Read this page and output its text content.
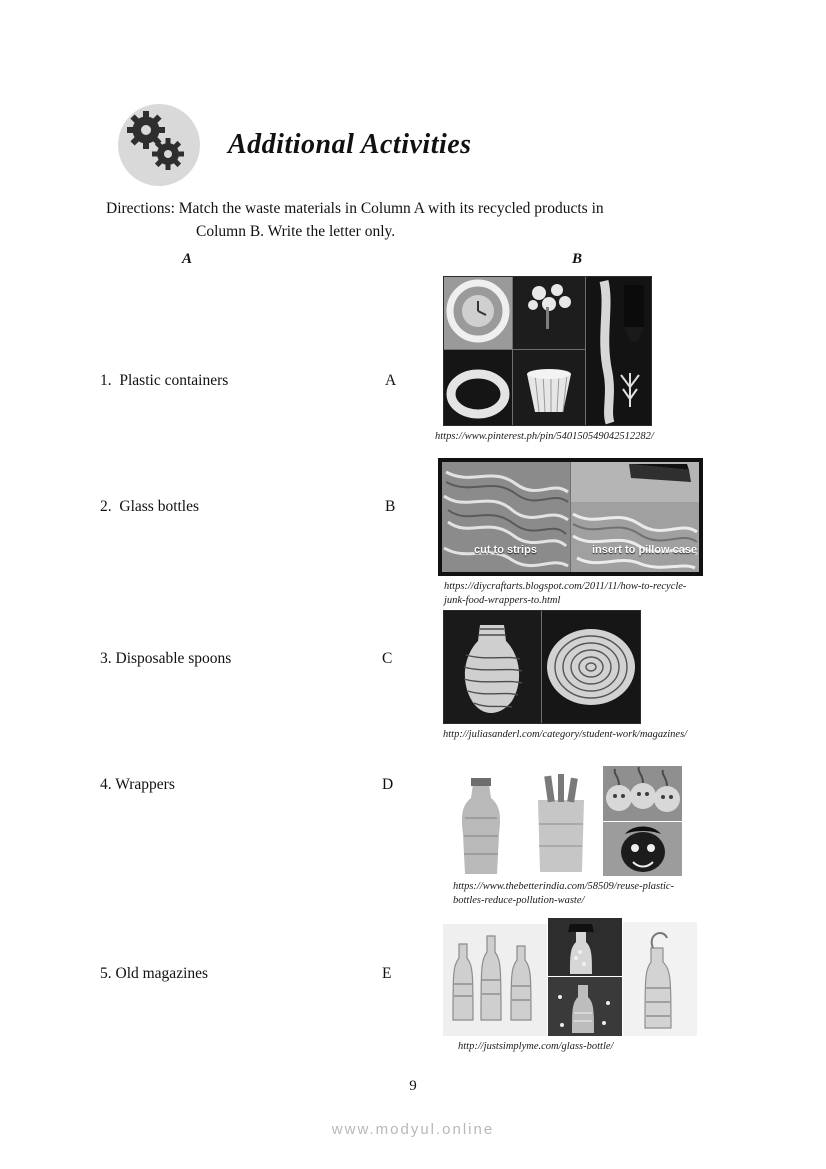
Additional Activities
Directions: Match the waste materials in Column A with its recycled products in
Column B. Write the letter only.
A	B
1. Plastic containers	A
2. Glass bottles	B
3. Disposable spoons	C
4. Wrappers	D
5. Old magazines	E
https://www.pinterest.ph/pin/540150549042512282/
cut to strips	insert to pillow case
https://diycraftarts.blogspot.com/2011/11/how-to-recycle-junk-food-wrappers-to.html
http://juliasanderl.com/category/student-work/magazines/
https://www.thebetterindia.com/58509/reuse-plastic-bottles-reduce-pollution-waste/
http://justsimplyme.com/glass-bottle/
9
www.modyul.online
